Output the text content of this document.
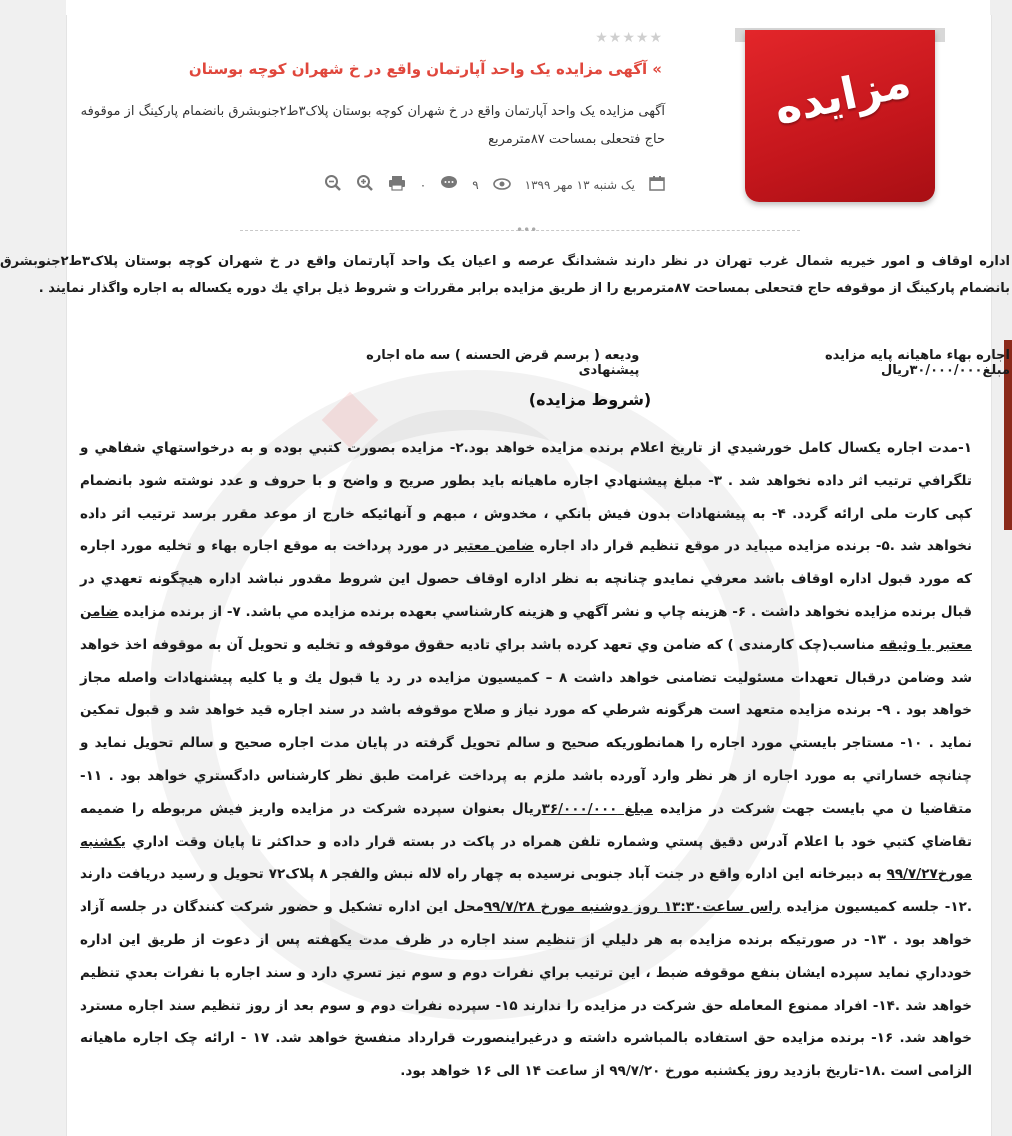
مزایده
★★★★★
» آگهی مزایده یک واحد آپارتمان واقع در خ شهران کوچه بوستان
آگهی مزایده یک واحد آپارتمان واقع در خ شهران کوچه بوستان پلاک۳ط۲جنوبشرق بانضمام پارکینگ از موقوفه حاج فتحعلی بمساحت ۸۷مترمربع
یک شنبه ۱۳ مهر ۱۳۹۹
۹
۰
•••
اداره اوقاف و امور خیریه شمال غرب تهران در نظر دارند ششدانگ عرصه و اعیان یک واحد آپارتمان واقع در خ شهران کوچه بوستان پلاک۳ط۲جنوبشرق بانضمام پارکینگ از موقوفه حاج فتحعلی بمساحت ۸۷مترمربع را از طريق مزايده برابر مقررات و شروط ذيل براي يك دوره يكساله به اجاره واگذار نمايند .
اجاره بهاء ماهیانه پایه مزایده مبلغ۳۰/۰۰۰/۰۰۰ریال
ودیعه ( برسم قرض الحسنه ) سه ماه اجاره پیشنهادی
(شروط مزايده)
۱-مدت اجاره يكسال كامل خورشيدي از تاريخ اعلام برنده مزايده خواهد بود.۲- مزايده بصورت كتبي بوده و به درخواستهاي شفاهي و تلگرافي ترتيب اثر داده نخواهد شد . ۳- مبلغ پيشنهادي اجاره ماهيانه بايد بطور صريح و واضح و با حروف و عدد نوشته شود بانضمام کپی کارت ملی ارائه گردد. ۴- به پيشنهادات بدون فيش بانكي ، مخدوش ، مبهم و آنهائيكه خارج از موعد مقرر برسد ترتيب اثر داده نخواهد شد .۵- برنده مزايده ميبايد در موقع تنظيم قرار داد اجاره ضامن معتبر در مورد پرداخت به موقع اجاره بهاء و تخليه مورد اجاره كه مورد قبول اداره اوقاف باشد معرفي نمايدو چنانچه به نظر اداره اوقاف حصول اين شروط مقدور نباشد اداره هيچگونه تعهدي در قبال برنده مزايده نخواهد داشت . ۶- هزينه چاپ و نشر آگهي و هزينه كارشناسي بعهده برنده مزايده مي باشد. ۷- از برنده مزايده ضامن معتبر يا وثيقه مناسب(چک کارمندی ) كه ضامن وي تعهد كرده باشد براي تاديه حقوق موقوفه و تخليه و تحويل آن به موقوفه اخذ خواهد شد وضامن درقبال تعهدات مسئوليت تضامنی خواهد داشت ۸ – كميسيون مزايده در رد يا قبول يك و يا كليه پيشنهادات واصله مجاز خواهد بود . ۹- برنده مزايده متعهد است هرگونه شرطي كه مورد نياز و صلاح موقوفه باشد در سند اجاره قيد خواهد شد و قبول تمكين نمايد . ۱۰- مستاجر بايستي مورد اجاره را همانطوريكه صحيح و سالم تحويل گرفته در پايان مدت اجاره صحيح و سالم تحويل نمايد و چنانچه خساراتي به مورد اجاره از هر نظر وارد آورده باشد ملزم به پرداخت غرامت طبق نظر كارشناس دادگستري خواهد بود . ۱۱- متقاضيا ن مي بايست جهت شركت در مزايده مبلغ ۳۶/۰۰۰/۰۰۰ريال بعنوان سپرده شركت در مزايده واريز فيش مربوطه را ضميمه تقاضاي كتبي خود با اعلام آدرس دقيق پستي وشماره تلفن همراه در پاكت در بسته قرار داده و حداكثر تا پايان وقت اداري یکشنبه مورخ۹۹/۷/۲۷ به دبيرخانه اين اداره واقع در جنت آباد جنوبی نرسيده به چهار راه لاله نبش والفجر ۸ پلاک۷۲ تحويل و رسيد دريافت دارند .۱۲- جلسه كميسيون مزايده راس ساعت۱۳:۳۰ روز دوشنبه مورخ ۹۹/۷/۲۸محل اين اداره تشكيل و حضور شركت كنندگان در جلسه آزاد خواهد بود . ۱۳- در صورتيكه برنده مزايده به هر دليلي از تنظيم سند اجاره در ظرف مدت يكهفته پس از دعوت از طريق اين اداره خودداري نمايد سپرده ايشان بنفع موقوفه ضبط ، اين ترتيب براي نفرات دوم و سوم نيز تسري دارد و سند اجاره با نفرات بعدي تنظيم خواهد شد .۱۴- افراد ممنوع المعامله حق شركت در مزايده را ندارند ۱۵- سپرده نفرات دوم و سوم بعد از روز تنظيم سند اجاره مسترد خواهد شد. ۱۶- برنده مزايده حق استفاده بالمباشره داشته و درغيراينصورت قرارداد منفسخ خواهد شد. ۱۷ - ارائه چک اجاره ماهیانه الزامی است .۱۸-تاریخ بازدید روز یکشنبه مورخ ۹۹/۷/۲۰ از ساعت ۱۴ الی ۱۶ خواهد بود.
